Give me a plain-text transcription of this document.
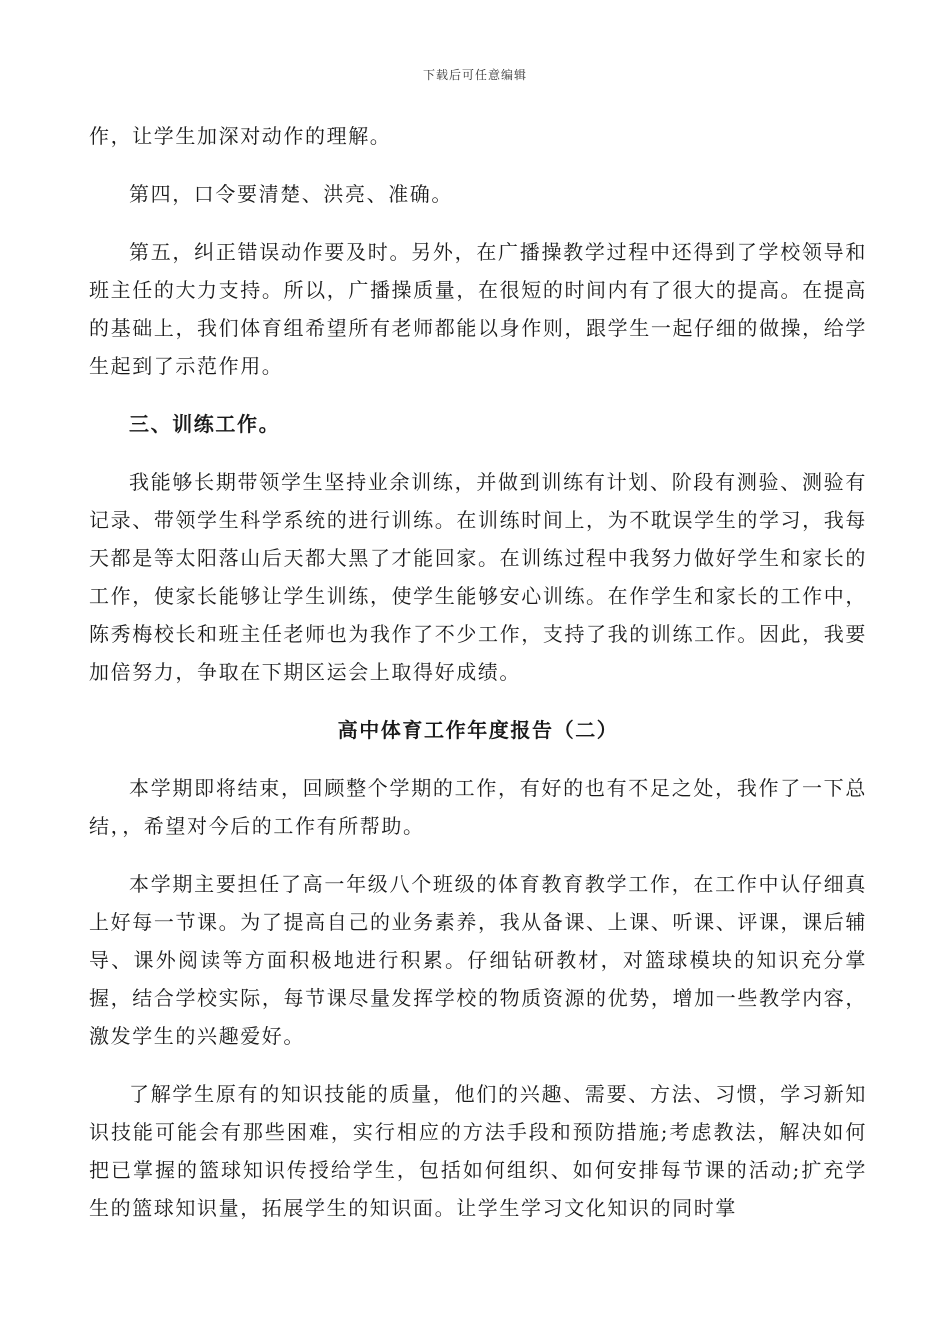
下载后可任意编辑

作，让学生加深对动作的理解。

第四，口令要清楚、洪亮、准确。

第五，纠正错误动作要及时。另外，在广播操教学过程中还得到了学校领导和班主任的大力支持。所以，广播操质量，在很短的时间内有了很大的提高。在提高的基础上，我们体育组希望所有老师都能以身作则，跟学生一起仔细的做操，给学生起到了示范作用。

三、训练工作。

我能够长期带领学生坚持业余训练，并做到训练有计划、阶段有测验、测验有记录、带领学生科学系统的进行训练。在训练时间上，为不耽误学生的学习，我每天都是等太阳落山后天都大黑了才能回家。在训练过程中我努力做好学生和家长的工作，使家长能够让学生训练，使学生能够安心训练。在作学生和家长的工作中，陈秀梅校长和班主任老师也为我作了不少工作，支持了我的训练工作。因此，我要加倍努力，争取在下期区运会上取得好成绩。

高中体育工作年度报告（二）

本学期即将结束，回顾整个学期的工作，有好的也有不足之处，我作了一下总结，，希望对今后的工作有所帮助。

本学期主要担任了高一年级八个班级的体育教育教学工作，在工作中认仔细真上好每一节课。为了提高自己的业务素养，我从备课、上课、听课、评课，课后辅导、课外阅读等方面积极地进行积累。仔细钻研教材，对篮球模块的知识充分掌握，结合学校实际，每节课尽量发挥学校的物质资源的优势，增加一些教学内容，激发学生的兴趣爱好。

了解学生原有的知识技能的质量，他们的兴趣、需要、方法、习惯，学习新知识技能可能会有那些困难，实行相应的方法手段和预防措施;考虑教法，解决如何把已掌握的篮球知识传授给学生，包括如何组织、如何安排每节课的活动;扩充学生的篮球知识量，拓展学生的知识面。让学生学习文化知识的同时掌
